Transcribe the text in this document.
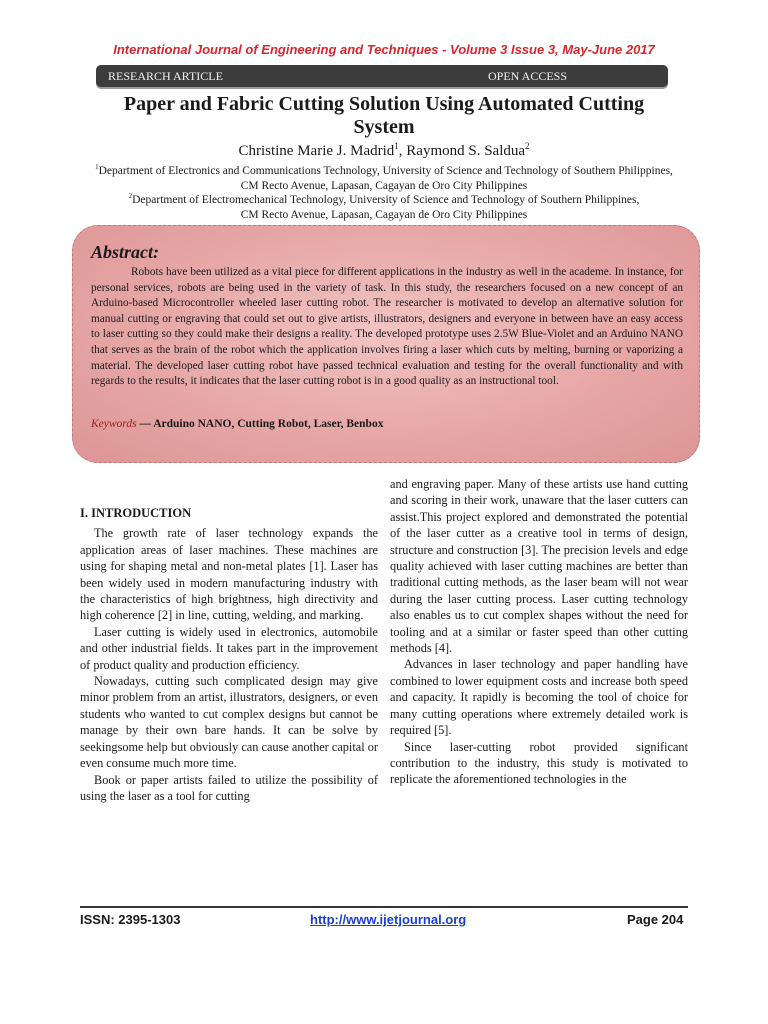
International Journal of Engineering and Techniques - Volume 3 Issue 3, May-June 2017
RESEARCH ARTICLE	OPEN ACCESS
Paper and Fabric Cutting Solution Using Automated Cutting System
Christine Marie J. Madrid$^1$, Raymond S. Saldua$^2$
$^1$Department of Electronics and Communications Technology, University of Science and Technology of Southern Philippines,
CM Recto Avenue, Lapasan, Cagayan de Oro City Philippines
$^2$Department of Electromechanical Technology, University of Science and Technology of Southern Philippines,
CM Recto Avenue, Lapasan, Cagayan de Oro City Philippines
Abstract:
Robots have been utilized as a vital piece for different applications in the industry as well in the academe. In instance, for personal services, robots are being used in the variety of task. In this study, the researchers focused on a new concept of an Arduino-based Microcontroller wheeled laser cutting robot. The researcher is motivated to develop an alternative solution for manual cutting or engraving that could set out to give artists, illustrators, designers and everyone in between have an easy access to laser cutting so they could make their designs a reality. The developed prototype uses 2.5W Blue-Violet and an Arduino NANO that serves as the brain of the robot which the application involves firing a laser which cuts by melting, burning or vaporizing a material. The developed laser cutting robot have passed technical evaluation and testing for the overall functionality and with regards to the results, it indicates that the laser cutting robot is in a good quality as an instructional tool.
Keywords — Arduino NANO, Cutting Robot, Laser, Benbox
I. INTRODUCTION

The growth rate of laser technology expands the application areas of laser machines. These machines are using for shaping metal and non-metal plates [1]. Laser has been widely used in modern manufacturing industry with the characteristics of high brightness, high directivity and high coherence [2] in line, cutting, welding, and marking.

Laser cutting is widely used in electronics, automobile and other industrial fields. It takes part in the improvement of product quality and production efficiency.

Nowadays, cutting such complicated design may give minor problem from an artist, illustrators, designers, or even students who wanted to cut complex designs but cannot be manage by their own bare hands. It can be solve by seekingsome help but obviously can cause another capital or even consume much more time.

Book or paper artists failed to utilize the possibility of using the laser as a tool for cutting

and engraving paper. Many of these artists use hand cutting and scoring in their work, unaware that the laser cutters can assist.This project explored and demonstrated the potential of the laser cutter as a creative tool in terms of design, structure and construction [3]. The precision levels and edge quality achieved with laser cutting machines are better than traditional cutting methods, as the laser beam will not wear during the laser cutting process. Laser cutting technology also enables us to cut complex shapes without the need for tooling and at a similar or faster speed than other cutting methods [4].

Advances in laser technology and paper handling have combined to lower equipment costs and increase both speed and capacity. It rapidly is becoming the tool of choice for many cutting operations where extremely detailed work is required [5].

Since laser-cutting robot provided significant contribution to the industry, this study is motivated to replicate the aforementioned technologies in the

ISSN: 2395-1303	http://www.ijetjournal.org	Page 204
